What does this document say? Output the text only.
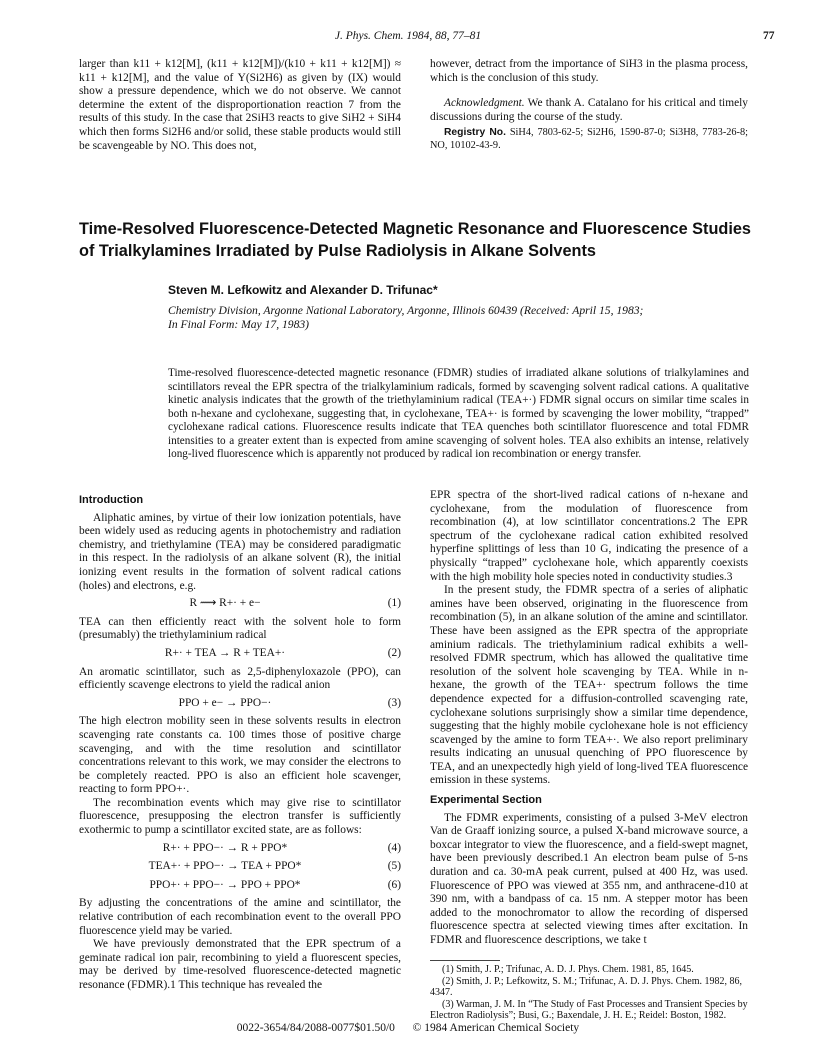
J. Phys. Chem. 1984, 88, 77–81	77

larger than k11 + k12[M], (k11 + k12[M])/(k10 + k11 + k12[M]) ≈ k11 + k12[M], and the value of Y(Si2H6) as given by (IX) would show a pressure dependence, which we do not observe. We cannot determine the extent of the disproportionation reaction 7 from the results of this study. In the case that 2SiH3 reacts to give SiH2 + SiH4 which then forms Si2H6 and/or solid, these stable products would still be scavengeable by NO. This does not,

however, detract from the importance of SiH3 in the plasma process, which is the conclusion of this study.

Acknowledgment. We thank A. Catalano for his critical and timely discussions during the course of the study.

Registry No. SiH4, 7803-62-5; Si2H6, 1590-87-0; Si3H8, 7783-26-8; NO, 10102-43-9.

Time-Resolved Fluorescence-Detected Magnetic Resonance and Fluorescence Studies of Trialkylamines Irradiated by Pulse Radiolysis in Alkane Solvents
Steven M. Lefkowitz and Alexander D. Trifunac*
Chemistry Division, Argonne National Laboratory, Argonne, Illinois 60439 (Received: April 15, 1983;
In Final Form: May 17, 1983)
Time-resolved fluorescence-detected magnetic resonance (FDMR) studies of irradiated alkane solutions of trialkylamines and scintillators reveal the EPR spectra of the trialkylaminium radicals, formed by scavenging solvent radical cations. A qualitative kinetic analysis indicates that the growth of the triethylaminium radical (TEA+·) FDMR signal occurs on similar time scales in both n-hexane and cyclohexane, suggesting that, in cyclohexane, TEA+· is formed by scavenging the lower mobility, “trapped” cyclohexane radical cations. Fluorescence results indicate that TEA quenches both scintillator fluorescence and total FDMR intensities to a greater extent than is expected from amine scavenging of solvent holes. TEA also exhibits an intense, relatively long-lived fluorescence which is apparently not produced by radical ion recombination or energy transfer.
Introduction

Aliphatic amines, by virtue of their low ionization potentials, have been widely used as reducing agents in photochemistry and radiation chemistry, and triethylamine (TEA) may be considered paradigmatic in this respect. In the radiolysis of an alkane solvent (R), the initial ionizing event results in the formation of solvent radical cations (holes) and electrons, e.g.

R ⟿ R+· + e−	(1)

TEA can then efficiently react with the solvent hole to form (presumably) the triethylaminium radical

R+· + TEA → R + TEA+·	(2)

An aromatic scintillator, such as 2,5-diphenyloxazole (PPO), can efficiently scavenge electrons to yield the radical anion

PPO + e− → PPO−·	(3)

The high electron mobility seen in these solvents results in electron scavenging rate constants ca. 100 times those of positive charge scavenging, and with the time resolution and scintillator concentrations relevant to this work, we may consider the electrons to be completely reacted. PPO is also an efficient hole scavenger, reacting to form PPO+·.

The recombination events which may give rise to scintillator fluorescence, presupposing the electron transfer is sufficiently exothermic to pump a scintillator excited state, are as follows:

R+· + PPO−· → R + PPO*	(4)
TEA+· + PPO−· → TEA + PPO*	(5)
PPO+· + PPO−· → PPO + PPO*	(6)

By adjusting the concentrations of the amine and scintillator, the relative contribution of each recombination event to the overall PPO fluorescence yield may be varied.

We have previously demonstrated that the EPR spectrum of a geminate radical ion pair, recombining to yield a fluorescent species, may be derived by time-resolved fluorescence-detected magnetic resonance (FDMR).1 This technique has revealed the

EPR spectra of the short-lived radical cations of n-hexane and cyclohexane, from the modulation of fluorescence from recombination (4), at low scintillator concentrations.2 The EPR spectrum of the cyclohexane radical cation exhibited resolved hyperfine splittings of less than 10 G, indicating the presence of a physically “trapped” cyclohexane hole, which apparently coexists with the high mobility hole species noted in conductivity studies.3

In the present study, the FDMR spectra of a series of aliphatic amines have been observed, originating in the fluorescence from recombination (5), in an alkane solution of the amine and scintillator. These have been assigned as the EPR spectra of the appropriate aminium radicals. The triethylaminium radical exhibits a well-resolved FDMR spectrum, which has allowed the qualitative time resolution of the solvent hole scavenging by TEA. While in n-hexane, the growth of the TEA+· spectrum follows the time dependence expected for a diffusion-controlled scavenging rate, cyclohexane solutions surprisingly show a similar time dependence, suggesting that the highly mobile cyclohexane hole is not efficiency scavenged by the amine to form TEA+·. We also report preliminary results indicating an unusual quenching of PPO fluorescence by TEA, and an unexpectedly high yield of long-lived TEA fluorescence emission in these systems.

Experimental Section

The FDMR experiments, consisting of a pulsed 3-MeV electron Van de Graaff ionizing source, a pulsed X-band microwave source, a boxcar integrator to view the fluorescence, and a field-swept magnet, have been previously described.1 An electron beam pulse of 5-ns duration and ca. 30-mA peak current, pulsed at 400 Hz, was used. Fluorescence of PPO was viewed at 355 nm, and anthracene-d10 at 390 nm, with a bandpass of ca. 15 nm. A stepper motor has been added to the monochromator to allow the recording of dispersed fluorescence spectra at selected viewing times after excitation. In FDMR and fluorescence descriptions, we take t

(1) Smith, J. P.; Trifunac, A. D. J. Phys. Chem. 1981, 85, 1645.

(2) Smith, J. P.; Lefkowitz, S. M.; Trifunac, A. D. J. Phys. Chem. 1982, 86, 4347.

(3) Warman, J. M. In “The Study of Fast Processes and Transient Species by Electron Radiolysis”; Busi, G.; Baxendale, J. H. E.; Reidel: Boston, 1982.

0022-3654/84/2088-0077$01.50/0 © 1984 American Chemical Society
